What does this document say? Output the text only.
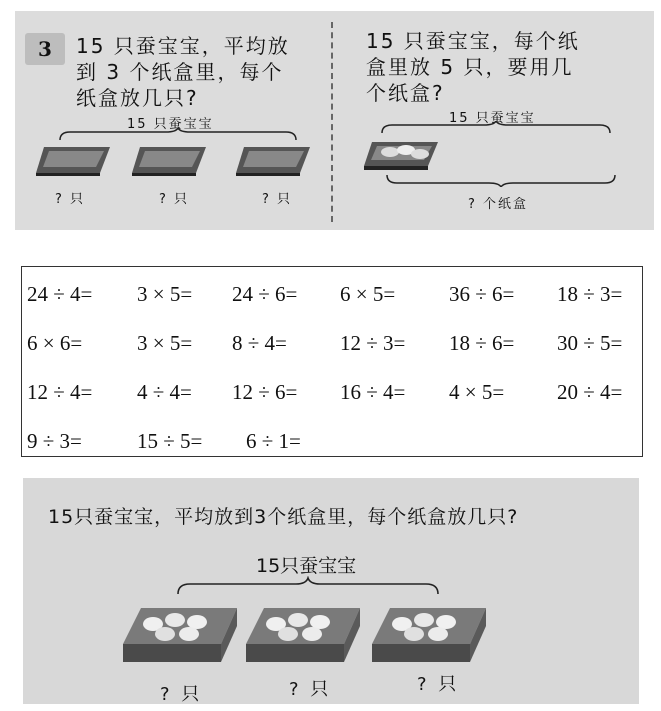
3	15 只蚕宝宝，平均放
到 3 个纸盒里，每个
纸盒放几只?
15 只蚕宝宝
? 只	? 只	? 只
15 只蚕宝宝，每个纸
盒里放 5 只，要用几
个纸盒?
15 只蚕宝宝
? 个纸盒
24 ÷ 4= 3 × 5= 24 ÷ 6= 6 × 5=	36 ÷ 6= 18 ÷ 3=
6 × 6=	3 × 5= 8 ÷ 4=	12 ÷ 3= 18 ÷ 6= 30 ÷ 5=
12 ÷ 4= 4 ÷ 4= 12 ÷ 6= 16 ÷ 4= 4 × 5=	20 ÷ 4=
9 ÷ 3=	15 ÷ 5= 6 ÷ 1=
15只蚕宝宝，平均放到3个纸盒里，每个纸盒放几只?
15只蚕宝宝
? 只	? 只	? 只
